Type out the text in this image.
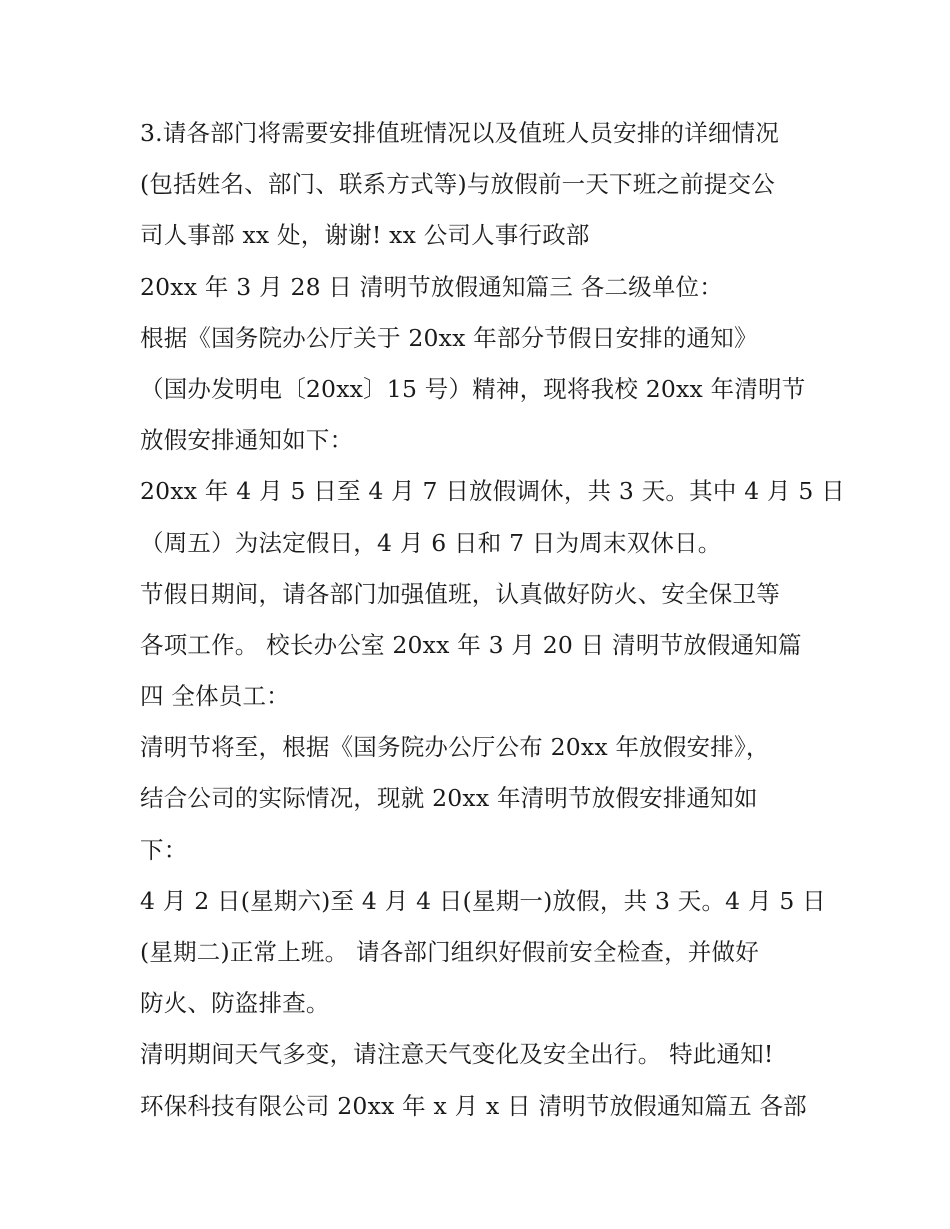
3.请各部门将需要安排值班情况以及值班人员安排的详细情况
(包括姓名、部门、联系方式等)与放假前一天下班之前提交公
司人事部 xx 处，谢谢! xx 公司人事行政部
20xx 年 3 月 28 日 清明节放假通知篇三 各二级单位：
根据《国务院办公厅关于 20xx 年部分节假日安排的通知》
（国办发明电〔20xx〕15 号）精神，现将我校 20xx 年清明节
放假安排通知如下：
20xx 年 4 月 5 日至 4 月 7 日放假调休，共 3 天。其中 4 月 5 日
（周五）为法定假日，4 月 6 日和 7 日为周末双休日。
节假日期间，请各部门加强值班，认真做好防火、安全保卫等
各项工作。 校长办公室 20xx 年 3 月 20 日 清明节放假通知篇
四 全体员工：
清明节将至，根据《国务院办公厅公布 20xx 年放假安排》，
结合公司的实际情况，现就 20xx 年清明节放假安排通知如
下：
4 月 2 日(星期六)至 4 月 4 日(星期一)放假，共 3 天。4 月 5 日
(星期二)正常上班。 请各部门组织好假前安全检查，并做好
防火、防盗排查。
清明期间天气多变，请注意天气变化及安全出行。 特此通知!
环保科技有限公司 20xx 年 x 月 x 日 清明节放假通知篇五 各部
